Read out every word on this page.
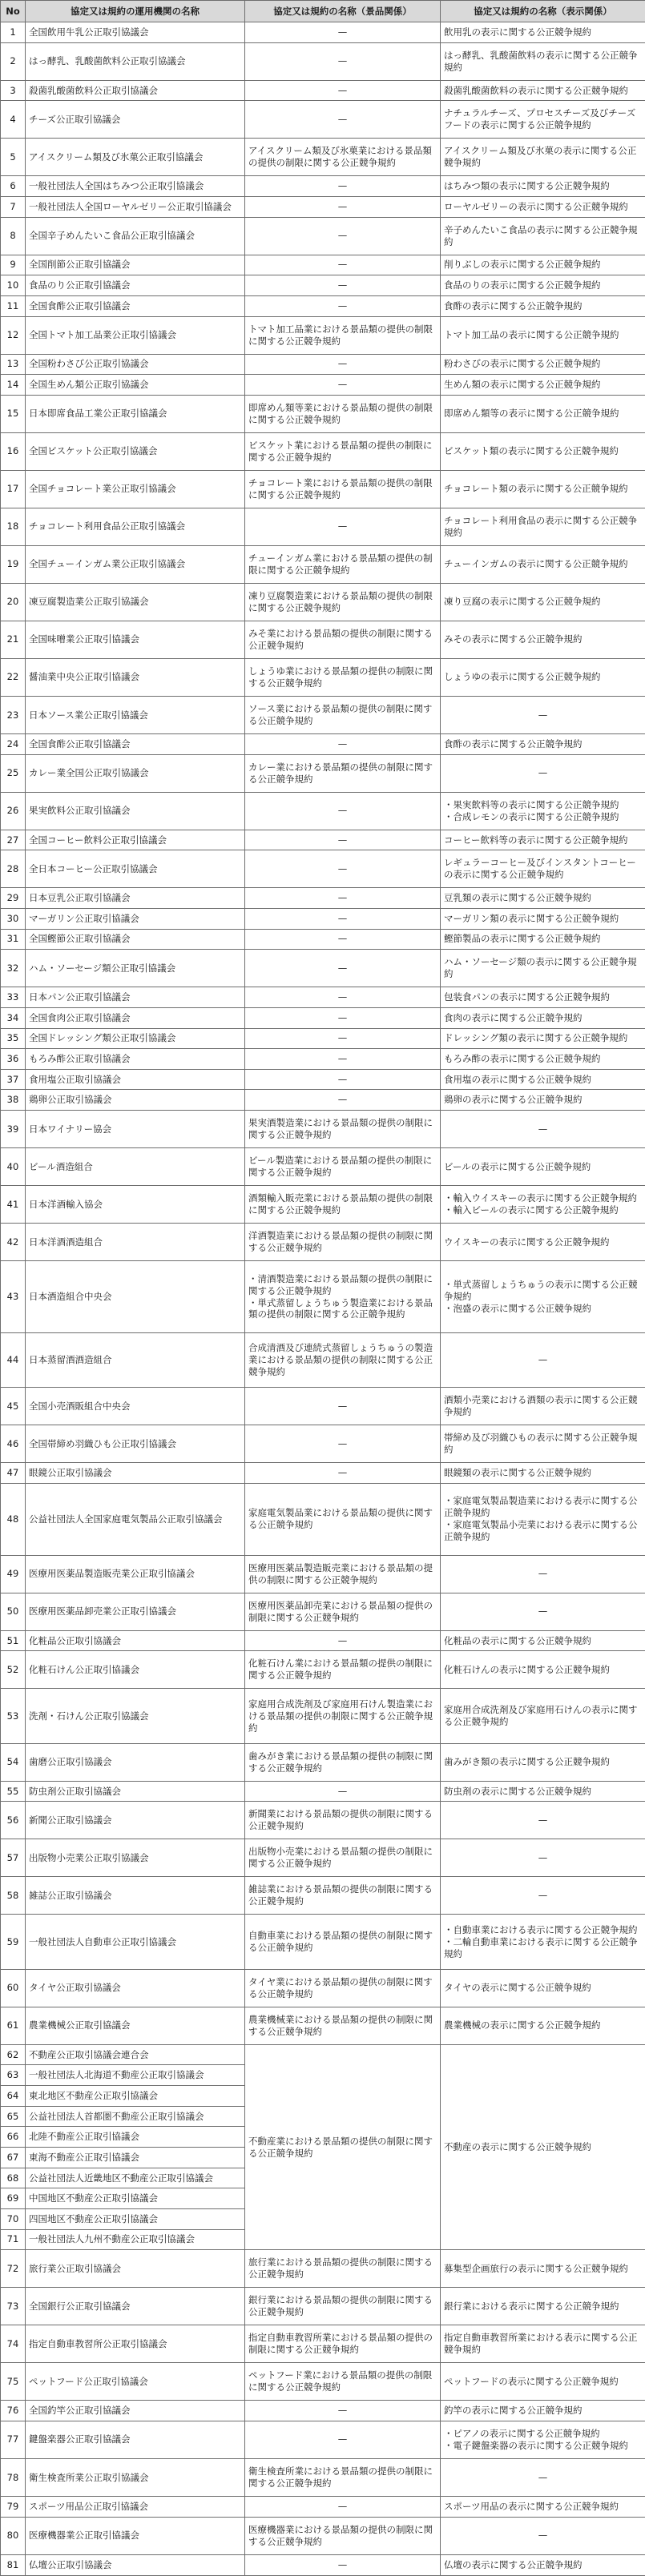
No	協定又は規約の運用機関の名称	協定又は規約の名称（景品関係）	協定又は規約の名称（表示関係）
1	全国飲用牛乳公正取引協議会	—	飲用乳の表示に関する公正競争規約

2	はっ酵乳、乳酸菌飲料公正取引協議会	—	はっ酵乳、乳酸菌飲料の表示に関する公正競争規約

3	殺菌乳酸菌飲料公正取引協議会	—	殺菌乳酸菌飲料の表示に関する公正競争規約

4	チーズ公正取引協議会	—	ナチュラルチーズ、プロセスチーズ及びチーズフードの表示に関する公正競争規約

5	アイスクリーム類及び氷菓公正取引協議会	アイスクリーム類及び氷菓業における景品類の提供の制限に関する公正競争規約	アイスクリーム類及び氷菓の表示に関する公正競争規約

6	一般社団法人全国はちみつ公正取引協議会	—	はちみつ類の表示に関する公正競争規約

7	一般社団法人全国ローヤルゼリー公正取引協議会	—	ローヤルゼリーの表示に関する公正競争規約

8	全国辛子めんたいこ食品公正取引協議会	—	辛子めんたいこ食品の表示に関する公正競争規約

9	全国削節公正取引協議会	—	削りぶしの表示に関する公正競争規約

10	食品のり公正取引協議会	—	食品のりの表示に関する公正競争規約

11	全国食酢公正取引協議会	—	食酢の表示に関する公正競争規約

12	全国トマト加工品業公正取引協議会	トマト加工品業における景品類の提供の制限に関する公正競争規約	トマト加工品の表示に関する公正競争規約

13	全国粉わさび公正取引協議会	—	粉わさびの表示に関する公正競争規約

14	全国生めん類公正取引協議会	—	生めん類の表示に関する公正競争規約

15	日本即席食品工業公正取引協議会	即席めん類等業における景品類の提供の制限に関する公正競争規約	即席めん類等の表示に関する公正競争規約

16	全国ビスケット公正取引協議会	ビスケット業における景品類の提供の制限に関する公正競争規約	ビスケット類の表示に関する公正競争規約

17	全国チョコレート業公正取引協議会	チョコレート業における景品類の提供の制限に関する公正競争規約	チョコレート類の表示に関する公正競争規約

18	チョコレート利用食品公正取引協議会	—	チョコレート利用食品の表示に関する公正競争規約

19	全国チューインガム業公正取引協議会	チューインガム業における景品類の提供の制限に関する公正競争規約	チューインガムの表示に関する公正競争規約

20	凍豆腐製造業公正取引協議会	凍り豆腐製造業における景品類の提供の制限に関する公正競争規約	凍り豆腐の表示に関する公正競争規約

21	全国味噌業公正取引協議会	みそ業における景品類の提供の制限に関する公正競争規約	みその表示に関する公正競争規約

22	醤油業中央公正取引協議会	しょうゆ業における景品類の提供の制限に関する公正競争規約	しょうゆの表示に関する公正競争規約

23	日本ソース業公正取引協議会	ソース業における景品類の提供の制限に関する公正競争規約	—

24	全国食酢公正取引協議会	—	食酢の表示に関する公正競争規約

25	カレー業全国公正取引協議会	カレー業における景品類の提供の制限に関する公正競争規約	—

26	果実飲料公正取引協議会	—	・果実飲料等の表示に関する公正競争規約
・合成レモンの表示に関する公正競争規約

27	全国コーヒー飲料公正取引協議会	—	コーヒー飲料等の表示に関する公正競争規約

28	全日本コーヒー公正取引協議会	—	レギュラーコーヒー及びインスタントコーヒーの表示に関する公正競争規約

29	日本豆乳公正取引協議会	—	豆乳類の表示に関する公正競争規約

30	マーガリン公正取引協議会	—	マーガリン類の表示に関する公正競争規約

31	全国鰹節公正取引協議会	—	鰹節製品の表示に関する公正競争規約

32	ハム・ソーセージ類公正取引協議会	—	ハム・ソーセージ類の表示に関する公正競争規約

33	日本パン公正取引協議会	—	包装食パンの表示に関する公正競争規約

34	全国食肉公正取引協議会	—	食肉の表示に関する公正競争規約

35	全国ドレッシング類公正取引協議会	—	ドレッシング類の表示に関する公正競争規約

36	もろみ酢公正取引協議会	—	もろみ酢の表示に関する公正競争規約

37	食用塩公正取引協議会	—	食用塩の表示に関する公正競争規約

38	鶏卵公正取引協議会	—	鶏卵の表示に関する公正競争規約

39	日本ワイナリー協会	果実酒製造業における景品類の提供の制限に関する公正競争規約	—

40	ビール酒造組合	ビール製造業における景品類の提供の制限に関する公正競争規約	ビールの表示に関する公正競争規約

41	日本洋酒輸入協会	酒類輸入販売業における景品類の提供の制限に関する公正競争規約	・輸入ウイスキーの表示に関する公正競争規約
・輸入ビールの表示に関する公正競争規約

42	日本洋酒酒造組合	洋酒製造業における景品類の提供の制限に関する公正競争規約	ウイスキーの表示に関する公正競争規約

43	日本酒造組合中央会	・清酒製造業における景品類の提供の制限に関する公正競争規約
・単式蒸留しょうちゅう製造業における景品類の提供の制限に関する公正競争規約	・単式蒸留しょうちゅうの表示に関する公正競争規約
・泡盛の表示に関する公正競争規約

44	日本蒸留酒酒造組合	合成清酒及び連続式蒸留しょうちゅうの製造業における景品類の提供の制限に関する公正競争規約	—

45	全国小売酒販組合中央会	—	酒類小売業における酒類の表示に関する公正競争規約

46	全国帯締め羽織ひも公正取引協議会	—	帯締め及び羽織ひもの表示に関する公正競争規約

47	眼鏡公正取引協議会	—	眼鏡類の表示に関する公正競争規約

48	公益社団法人全国家庭電気製品公正取引協議会	家庭電気製品業における景品類の提供に関する公正競争規約	・家庭電気製品製造業における表示に関する公正競争規約
・家庭電気製品小売業における表示に関する公正競争規約

49	医療用医薬品製造販売業公正取引協議会	医療用医薬品製造販売業における景品類の提供の制限に関する公正競争規約	—

50	医療用医薬品卸売業公正取引協議会	医療用医薬品卸売業における景品類の提供の制限に関する公正競争規約	—

51	化粧品公正取引協議会	—	化粧品の表示に関する公正競争規約

52	化粧石けん公正取引協議会	化粧石けん業における景品類の提供の制限に関する公正競争規約	化粧石けんの表示に関する公正競争規約

53	洗剤・石けん公正取引協議会	家庭用合成洗剤及び家庭用石けん製造業における景品類の提供の制限に関する公正競争規約	家庭用合成洗剤及び家庭用石けんの表示に関する公正競争規約

54	歯磨公正取引協議会	歯みがき業における景品類の提供の制限に関する公正競争規約	歯みがき類の表示に関する公正競争規約

55	防虫剤公正取引協議会	—	防虫剤の表示に関する公正競争規約

56	新聞公正取引協議会	新聞業における景品類の提供の制限に関する公正競争規約	—

57	出版物小売業公正取引協議会	出版物小売業における景品類の提供の制限に関する公正競争規約	—

58	雑誌公正取引協議会	雑誌業における景品類の提供の制限に関する公正競争規約	—

59	一般社団法人自動車公正取引協議会	自動車業における景品類の提供の制限に関する公正競争規約	・自動車業における表示に関する公正競争規約
・二輪自動車業における表示に関する公正競争規約

60	タイヤ公正取引協議会	タイヤ業における景品類の提供の制限に関する公正競争規約	タイヤの表示に関する公正競争規約

61	農業機械公正取引協議会	農業機械業における景品類の提供の制限に関する公正競争規約	農業機械の表示に関する公正競争規約

62	不動産公正取引協議会連合会	不動産業における景品類の提供の制限に関する公正競争規約	不動産の表示に関する公正競争規約
63	一般社団法人北海道不動産公正取引協議会		
64	東北地区不動産公正取引協議会		
65	公益社団法人首都圏不動産公正取引協議会		
66	北陸不動産公正取引協議会		
67	東海不動産公正取引協議会		
68	公益社団法人近畿地区不動産公正取引協議会		
69	中国地区不動産公正取引協議会		
70	四国地区不動産公正取引協議会		
71	一般社団法人九州不動産公正取引協議会		
72	旅行業公正取引協議会	旅行業における景品類の提供の制限に関する公正競争規約	募集型企画旅行の表示に関する公正競争規約

73	全国銀行公正取引協議会	銀行業における景品類の提供の制限に関する公正競争規約	銀行業における表示に関する公正競争規約

74	指定自動車教習所公正取引協議会	指定自動車教習所業における景品類の提供の制限に関する公正競争規約	指定自動車教習所業における表示に関する公正競争規約

75	ペットフード公正取引協議会	ペットフード業における景品類の提供の制限に関する公正競争規約	ペットフードの表示に関する公正競争規約

76	全国釣竿公正取引協議会	—	釣竿の表示に関する公正競争規約

77	鍵盤楽器公正取引協議会	—	・ピアノの表示に関する公正競争規約
・電子鍵盤楽器の表示に関する公正競争規約

78	衛生検査所業公正取引協議会	衛生検査所業における景品類の提供の制限に関する公正競争規約	—

79	スポーツ用品公正取引協議会	—	スポーツ用品の表示に関する公正競争規約

80	医療機器業公正取引協議会	医療機器業における景品類の提供の制限に関する公正競争規約	—

81	仏壇公正取引協議会	—	仏壇の表示に関する公正競争規約
